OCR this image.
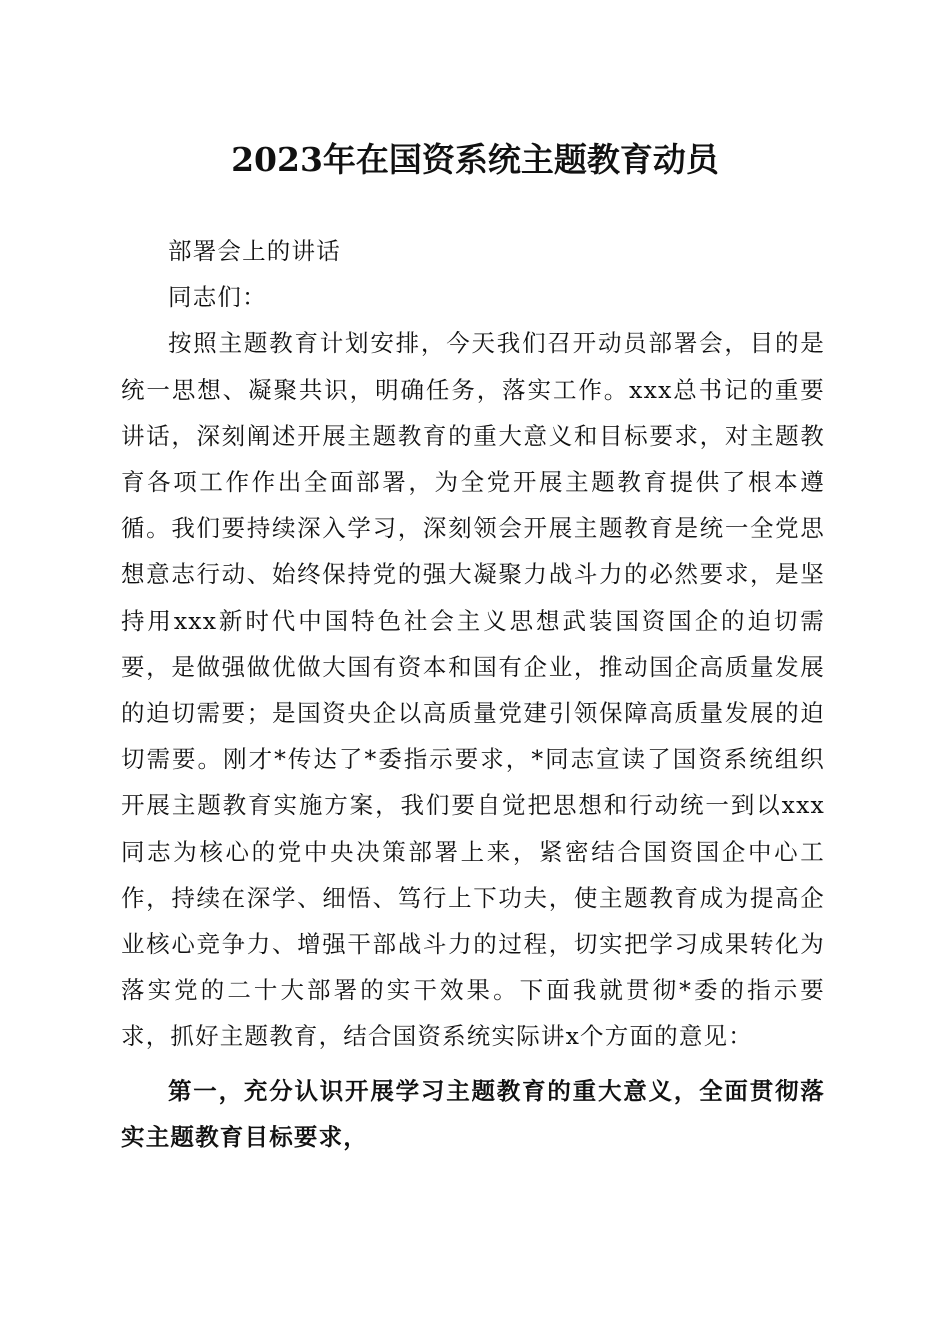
2023年在国资系统主题教育动员

部署会上的讲话

同志们：

按照主题教育计划安排，今天我们召开动员部署会，目的是统一思想、凝聚共识，明确任务，落实工作。xxx总书记的重要讲话，深刻阐述开展主题教育的重大意义和目标要求，对主题教育各项工作作出全面部署，为全党开展主题教育提供了根本遵循。我们要持续深入学习，深刻领会开展主题教育是统一全党思想意志行动、始终保持党的强大凝聚力战斗力的必然要求，是坚持用xxx新时代中国特色社会主义思想武装国资国企的迫切需要，是做强做优做大国有资本和国有企业，推动国企高质量发展的迫切需要；是国资央企以高质量党建引领保障高质量发展的迫切需要。刚才*传达了*委指示要求，*同志宣读了国资系统组织开展主题教育实施方案，我们要自觉把思想和行动统一到以xxx同志为核心的党中央决策部署上来，紧密结合国资国企中心工作，持续在深学、细悟、笃行上下功夫，使主题教育成为提高企业核心竞争力、增强干部战斗力的过程，切实把学习成果转化为落实党的二十大部署的实干效果。下面我就贯彻*委的指示要求，抓好主题教育，结合国资系统实际讲x个方面的意见：

第一，充分认识开展学习主题教育的重大意义，全面贯彻落实主题教育目标要求，
